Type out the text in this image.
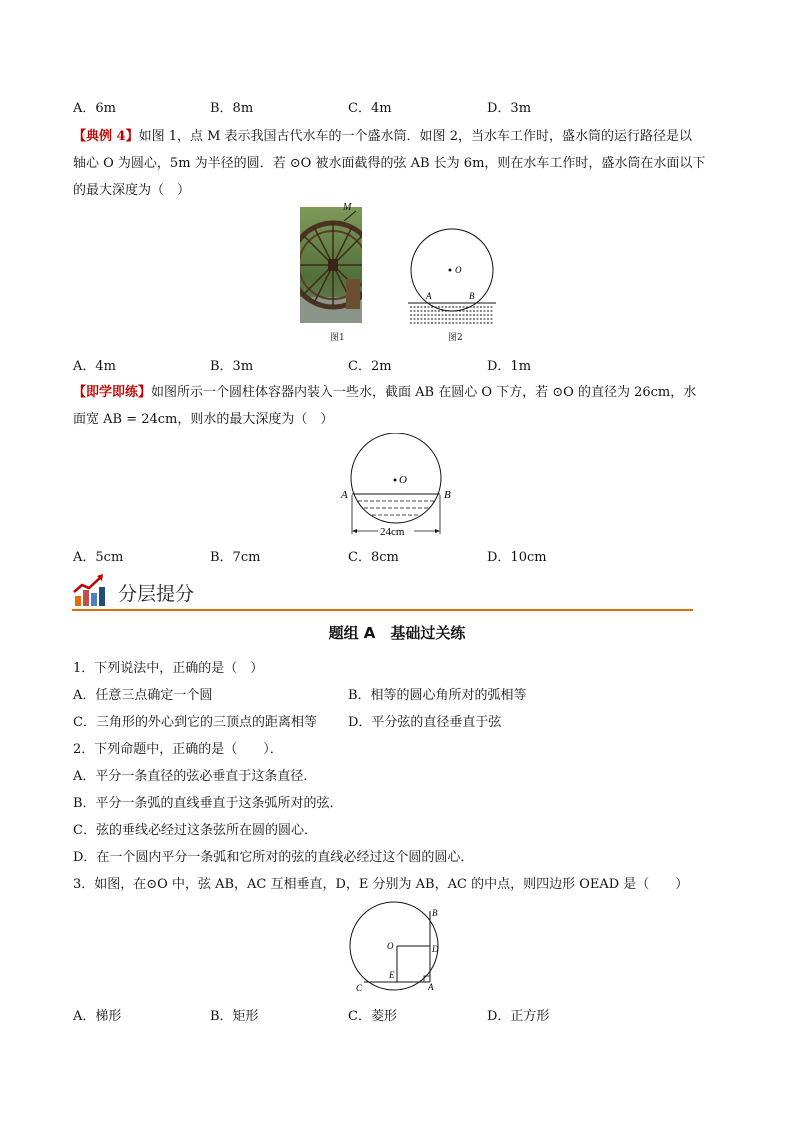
A．6m	B．8m	C．4m	D．3m
【典例 4】如图 1，点 M 表示我国古代水车的一个盛水筒．如图 2，当水车工作时，盛水筒的运行路径是以
轴心 O 为圆心，5m 为半径的圆．若 ⊙O 被水面截得的弦 AB 长为 6m，则在水车工作时，盛水筒在水面以下
的最大深度为（　）
M
图1
O
A	B
图2
A．4m	B．3m	C．2m	D．1m
【即学即练】如图所示一个圆柱体容器内装入一些水，截面 AB 在圆心 O 下方，若 ⊙O 的直径为 26cm，水
面宽 AB = 24cm，则水的最大深度为（　）
O
A	B
24cm
A．5cm	B．7cm	C．8cm	D．10cm
分层提分
题组 A　基础过关练
1．下列说法中，正确的是（　）
A．任意三点确定一个圆	B．相等的圆心角所对的弧相等
C．三角形的外心到它的三顶点的距离相等 D．平分弦的直径垂直于弦
2．下列命题中，正确的是（　　）．
A．平分一条直径的弦必垂直于这条直径．
B．平分一条弧的直线垂直于这条弧所对的弦．
C．弦的垂线必经过这条弦所在圆的圆心．
D．在一个圆内平分一条弧和它所对的弦的直线必经过这个圆的圆心．
3．如图，在⊙O 中，弦 AB，AC 互相垂直，D，E 分别为 AB，AC 的中点，则四边形 OEAD 是（　　）
O
B
D
E
C	A
A．梯形	B．矩形	C．菱形	D．正方形
